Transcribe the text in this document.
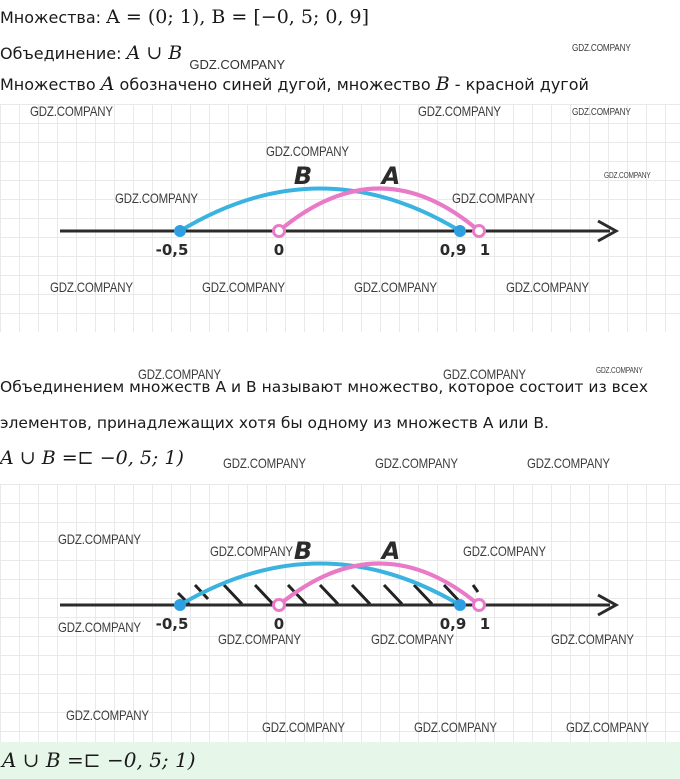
Множества: A = (0; 1), B = [−0, 5; 0, 9]
Объединение: A ∪ B $_{GDZ.COMPANY}$
Множество A обозначено синей дугой, множество B - красной дугой
B	A
-0,5	0	0,9 1
Объединением множеств А и В называют множество, которое состоит из всех
элементов, принадлежащих хотя бы одному из множеств А или В.
A ∪ B =⊏ −0, 5; 1)
B	A
-0,5	0	0,9 1
A ∪ B =⊏ −0, 5; 1)
GDZ.COMPANY
GDZ.COMPANY	GDZ.COMPANY	GDZ.COMPANY
GDZ.COMPANY
GDZ.COMPANY
GDZ.COMPANY	GDZ.COMPANY
GDZ.COMPANY	GDZ.COMPANY	GDZ.COMPANY	GDZ.COMPANY
GDZ.COMPANY	GDZ.COMPANY	GDZ.COMPANY
GDZ.COMPANY	GDZ.COMPANY	GDZ.COMPANY
GDZ.COMPANY
GDZ.COMPANY	GDZ.COMPANY
GDZ.COMPANY
GDZ.COMPANY	GDZ.COMPANY	GDZ.COMPANY
GDZ.COMPANY
GDZ.COMPANY	GDZ.COMPANY	GDZ.COMPANY
